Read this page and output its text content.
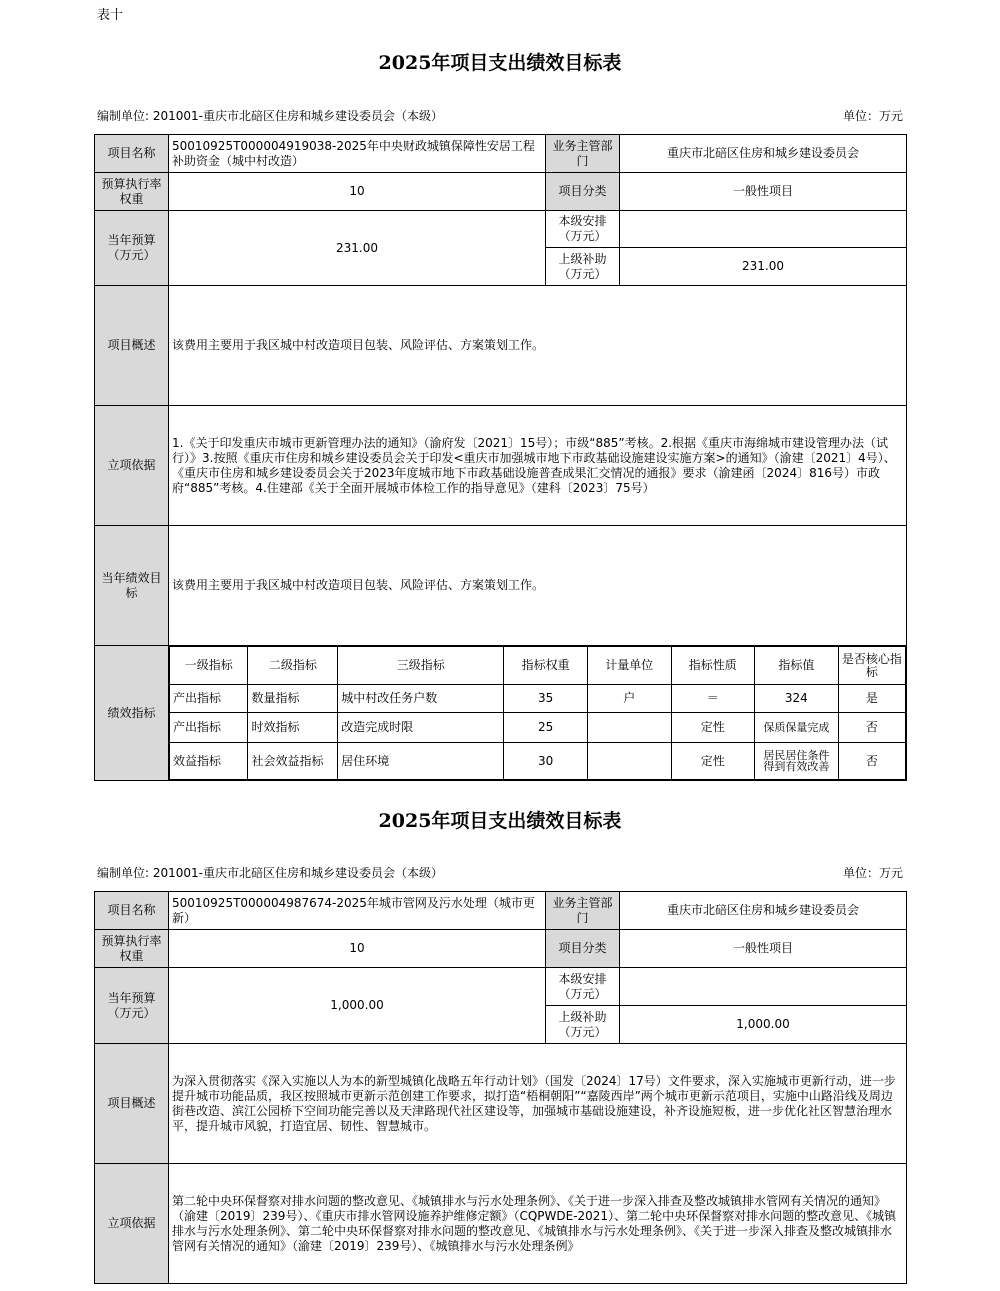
表十
2025年项目支出绩效目标表
编制单位: 201001-重庆市北碚区住房和城乡建设委员会（本级）	单位：万元
项目名称	50010925T000004919038-2025年中央财政城镇保障性安居工程补助资金（城中村改造）	业务主管部门	重庆市北碚区住房和城乡建设委员会
预算执行率权重	10	项目分类	一般性项目
当年预算（万元）	231.00	本级安排（万元）	
上级补助（万元）	231.00
项目概述	该费用主要用于我区城中村改造项目包装、风险评估、方案策划工作。
立项依据	1.《关于印发重庆市城市更新管理办法的通知》（渝府发〔2021〕15号）；市级“885”考核。2.根据《重庆市海绵城市建设管理办法（试行）》3.按照《重庆市住房和城乡建设委员会关于印发<重庆市加强城市地下市政基础设施建设实施方案>的通知》（渝建〔2021〕4号）、《重庆市住房和城乡建设委员会关于2023年度城市地下市政基础设施普查成果汇交情况的通报》要求（渝建函〔2024〕816号）市政府“885”考核。4.住建部《关于全面开展城市体检工作的指导意见》（建科〔2023〕75号）
当年绩效目标	该费用主要用于我区城中村改造项目包装、风险评估、方案策划工作。
绩效指标	
一级指标	二级指标	三级指标	指标权重	计量单位	指标性质	指标值	是否核心指标
产出指标	数量指标	城中村改任务户数	35	户	＝	324	是
产出指标	时效指标	改造完成时限	25		定性	保质保量完成	否
效益指标	社会效益指标	居住环境	30		定性	居民居住条件得到有效改善	否
2025年项目支出绩效目标表
编制单位: 201001-重庆市北碚区住房和城乡建设委员会（本级）	单位：万元
项目名称	50010925T000004987674-2025年城市管网及污水处理（城市更新）	业务主管部门	重庆市北碚区住房和城乡建设委员会
预算执行率权重	10	项目分类	一般性项目
当年预算（万元）	1,000.00	本级安排（万元）	
		上级补助（万元）	1,000.00
项目概述	为深入贯彻落实《深入实施以人为本的新型城镇化战略五年行动计划》（国发〔2024〕17号）文件要求，深入实施城市更新行动，进一步提升城市功能品质，我区按照城市更新示范创建工作要求，拟打造“梧桐朝阳”“嘉陵西岸”两个城市更新示范项目，实施中山路沿线及周边街巷改造、滨江公园桥下空间功能完善以及天津路现代社区建设等，加强城市基础设施建设，补齐设施短板，进一步优化社区智慧治理水平，提升城市风貌，打造宜居、韧性、智慧城市。		
立项依据	第二轮中央环保督察对排水问题的整改意见、《城镇排水与污水处理条例》、《关于进一步深入排查及整改城镇排水管网有关情况的通知》（渝建〔2019〕239号）、《重庆市排水管网设施养护维修定额》（CQPWDE-2021）、第二轮中央环保督察对排水问题的整改意见、《城镇排水与污水处理条例》、第二轮中央环保督察对排水问题的整改意见、《城镇排水与污水处理条例》、《关于进一步深入排查及整改城镇排水管网有关情况的通知》（渝建〔2019〕239号）、《城镇排水与污水处理条例》		
